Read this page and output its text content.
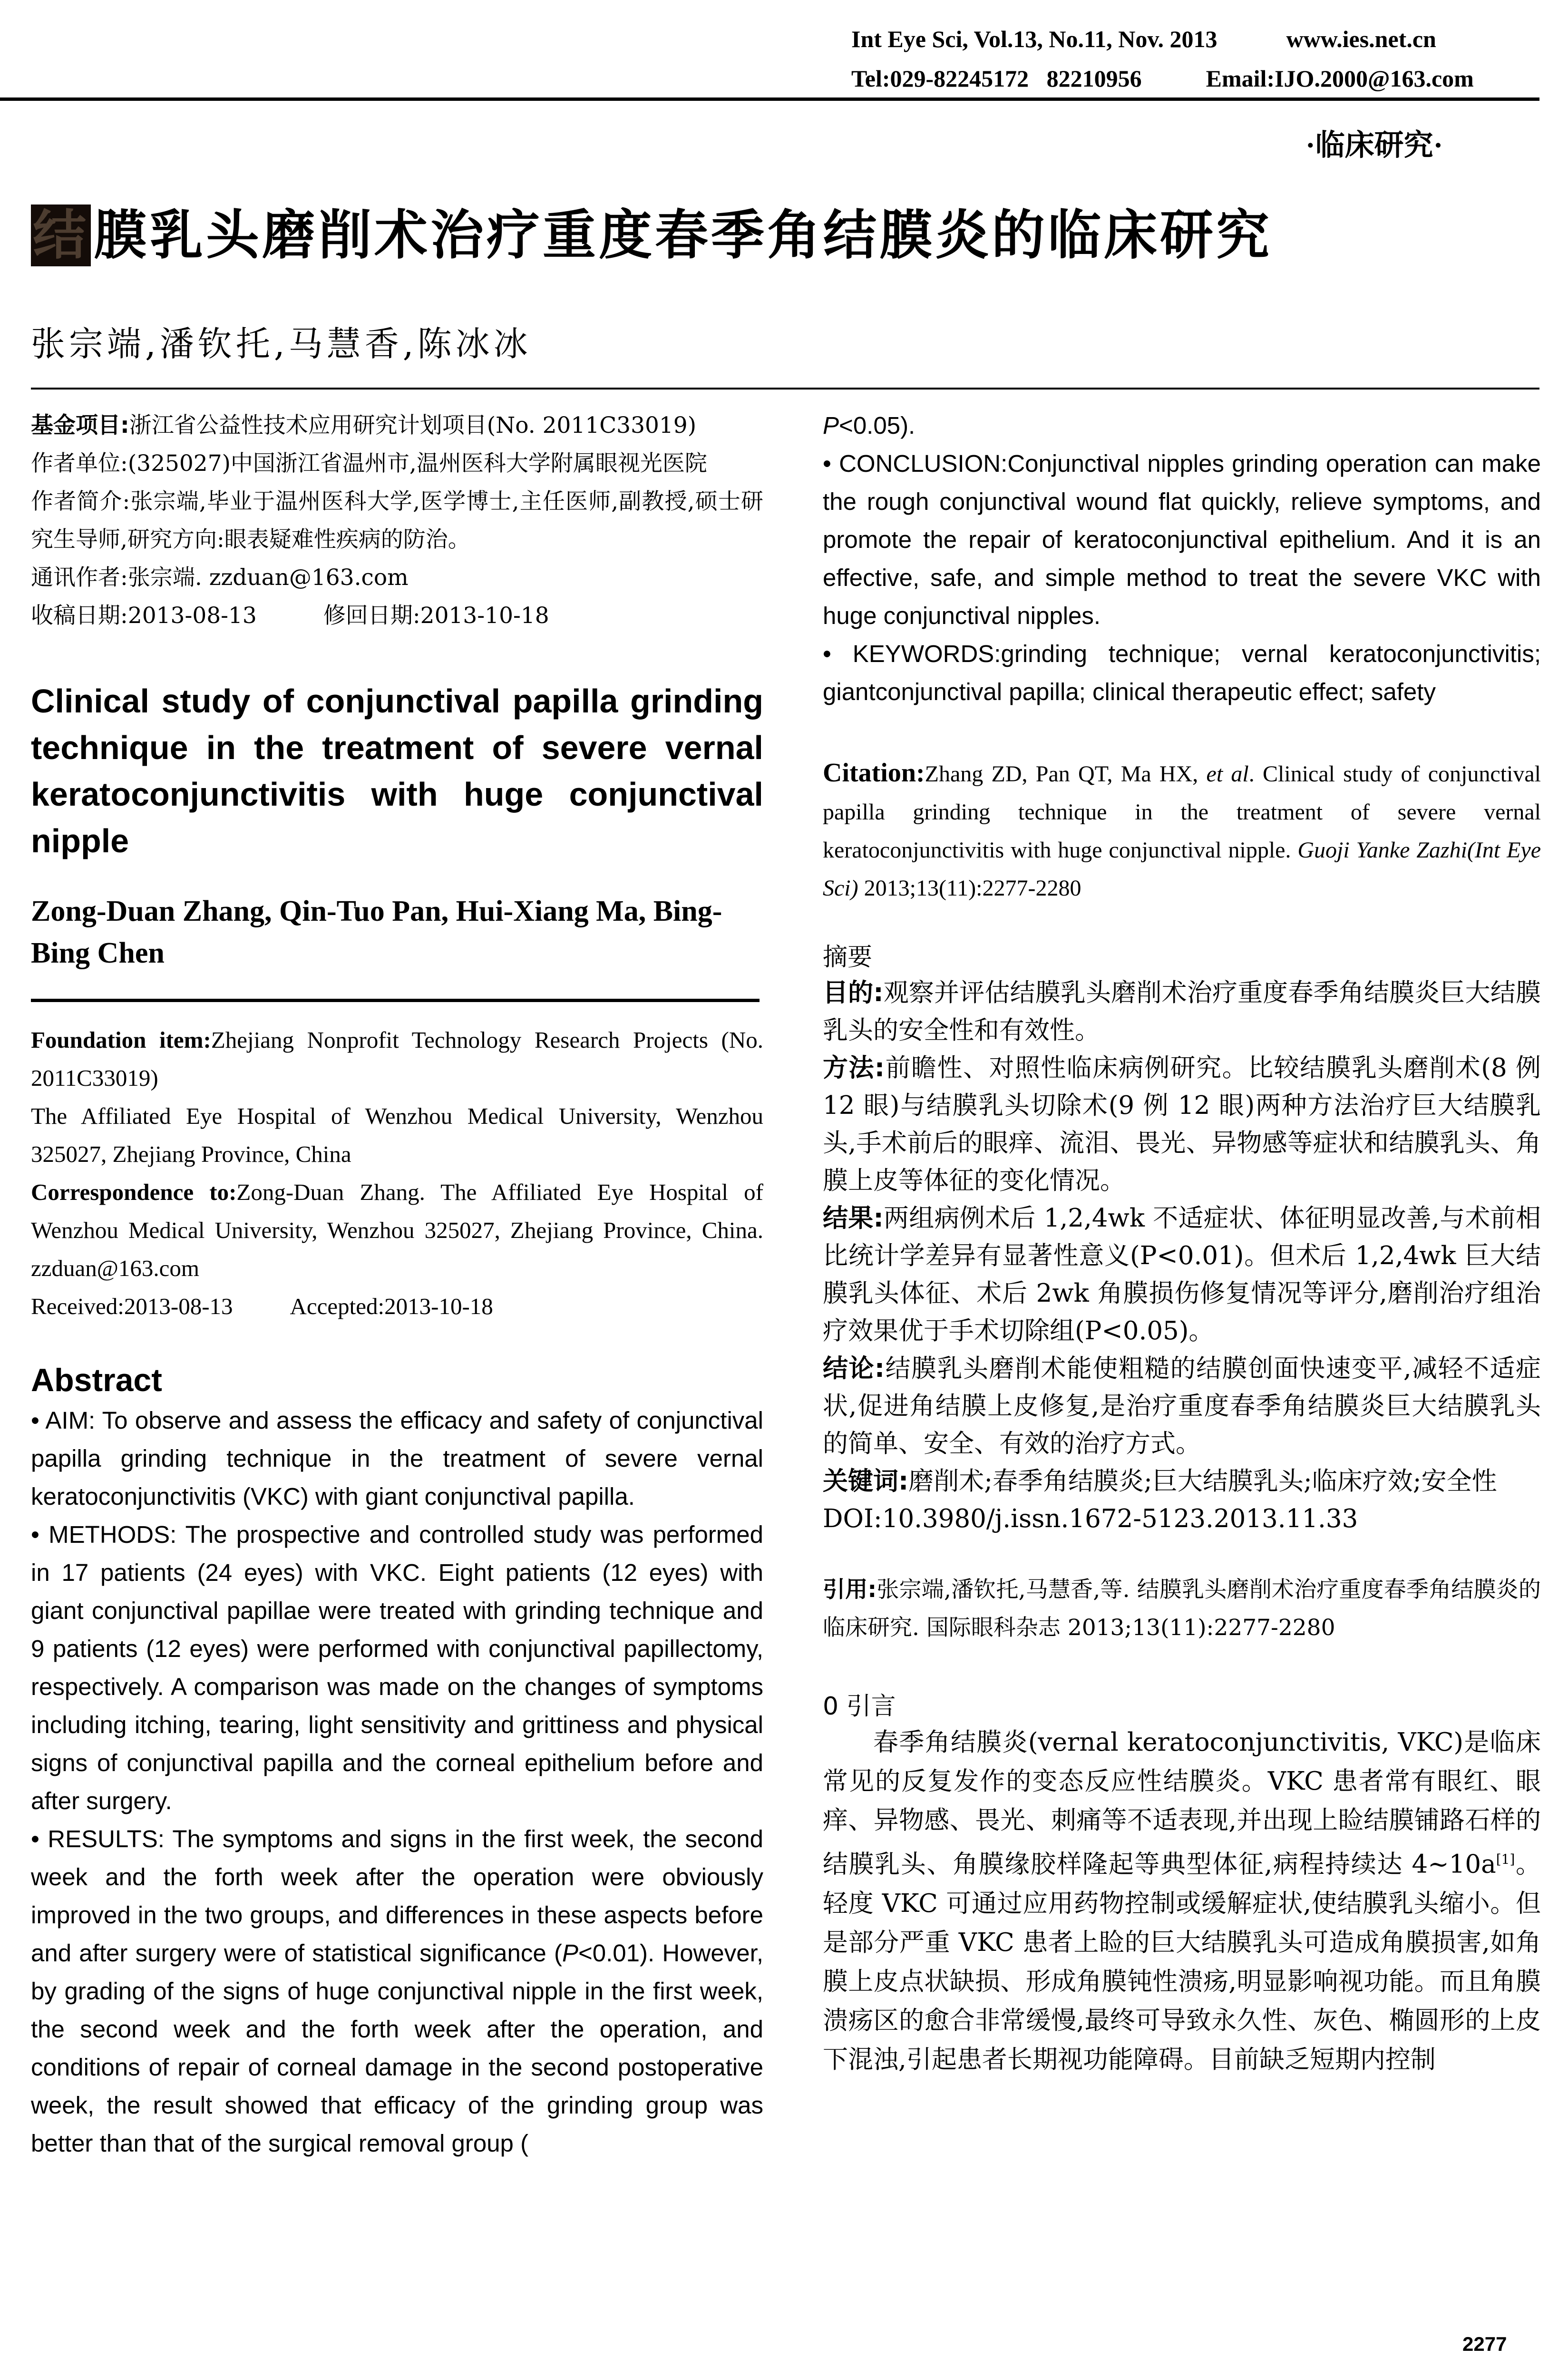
Int Eye Sci, Vol.13, No.11, Nov. 2013	www.ies.net.cn
Tel:029-82245172   82210956	Email:IJO.2000@163.com
·临床研究·
结膜乳头磨削术治疗重度春季角结膜炎的临床研究
张宗端,潘钦托,马慧香,陈冰冰

基金项目:浙江省公益性技术应用研究计划项目(No. 2011C33019)

作者单位:(325027)中国浙江省温州市,温州医科大学附属眼视光医院

作者简介:张宗端,毕业于温州医科大学,医学博士,主任医师,副教授,硕士研究生导师,研究方向:眼表疑难性疾病的防治。

通讯作者:张宗端. zzduan@163.com

收稿日期:2013-08-13	修回日期:2013-10-18

Clinical study of conjunctival papilla grinding technique in the treatment of severe vernal keratoconjunctivitis with huge conjunctival nipple
Zong-Duan Zhang, Qin-Tuo Pan, Hui-Xiang Ma, Bing-Bing Chen

Foundation item:Zhejiang Nonprofit Technology Research Projects (No. 2011C33019)

The Affiliated Eye Hospital of Wenzhou Medical University, Wenzhou 325027, Zhejiang Province, China

Correspondence to:Zong-Duan Zhang. The Affiliated Eye Hospital of Wenzhou Medical University, Wenzhou 325027, Zhejiang Province, China. zzduan@163.com

Received:2013-08-13 Accepted:2013-10-18

Abstract

• AIM: To observe and assess the efficacy and safety of conjunctival papilla grinding technique in the treatment of severe vernal keratoconjunctivitis (VKC) with giant conjunctival papilla.

• METHODS: The prospective and controlled study was performed in 17 patients (24 eyes) with VKC. Eight patients (12 eyes) with giant conjunctival papillae were treated with grinding technique and 9 patients (12 eyes) were performed with conjunctival papillectomy, respectively. A comparison was made on the changes of symptoms including itching, tearing, light sensitivity and grittiness and physical signs of conjunctival papilla and the corneal epithelium before and after surgery.

• RESULTS: The symptoms and signs in the first week, the second week and the forth week after the operation were obviously improved in the two groups, and differences in these aspects before and after surgery were of statistical significance (P<0.01). However, by grading of the signs of huge conjunctival nipple in the first week, the second week and the forth week after the operation, and conditions of repair of corneal damage in the second postoperative week, the result showed that efficacy of the grinding group was better than that of the surgical removal group (

P<0.05).

• CONCLUSION:Conjunctival nipples grinding operation can make the rough conjunctival wound flat quickly, relieve symptoms, and promote the repair of keratoconjunctival epithelium. And it is an effective, safe, and simple method to treat the severe VKC with huge conjunctival nipples.

• KEYWORDS:grinding technique; vernal keratoconjunctivitis; giantconjunctival papilla; clinical therapeutic effect; safety

Citation:Zhang ZD, Pan QT, Ma HX, et al. Clinical study of conjunctival papilla grinding technique in the treatment of severe vernal keratoconjunctivitis with huge conjunctival nipple. Guoji Yanke Zazhi(Int Eye Sci) 2013;13(11):2277-2280
摘要

目的:观察并评估结膜乳头磨削术治疗重度春季角结膜炎巨大结膜乳头的安全性和有效性。

方法:前瞻性、对照性临床病例研究。比较结膜乳头磨削术(8 例 12 眼)与结膜乳头切除术(9 例 12 眼)两种方法治疗巨大结膜乳头,手术前后的眼痒、流泪、畏光、异物感等症状和结膜乳头、角膜上皮等体征的变化情况。

结果:两组病例术后 1,2,4wk 不适症状、体征明显改善,与术前相比统计学差异有显著性意义(P<0.01)。但术后 1,2,4wk 巨大结膜乳头体征、术后 2wk 角膜损伤修复情况等评分,磨削治疗组治疗效果优于手术切除组(P<0.05)。

结论:结膜乳头磨削术能使粗糙的结膜创面快速变平,减轻不适症状,促进角结膜上皮修复,是治疗重度春季角结膜炎巨大结膜乳头的简单、安全、有效的治疗方式。

关键词:磨削术;春季角结膜炎;巨大结膜乳头;临床疗效;安全性

DOI:10.3980/j.issn.1672-5123.2013.11.33

引用:张宗端,潘钦托,马慧香,等. 结膜乳头磨削术治疗重度春季角结膜炎的临床研究. 国际眼科杂志 2013;13(11):2277-2280
0 引言
春季角结膜炎(vernal keratoconjunctivitis, VKC)是临床常见的反复发作的变态反应性结膜炎。VKC 患者常有眼红、眼痒、异物感、畏光、刺痛等不适表现,并出现上睑结膜铺路石样的结膜乳头、角膜缘胶样隆起等典型体征,病程持续达 4~10a[1]。轻度 VKC 可通过应用药物控制或缓解症状,使结膜乳头缩小。但是部分严重 VKC 患者上睑的巨大结膜乳头可造成角膜损害,如角膜上皮点状缺损、形成角膜钝性溃疡,明显影响视功能。而且角膜溃疡区的愈合非常缓慢,最终可导致永久性、灰色、椭圆形的上皮下混浊,引起患者长期视功能障碍。目前缺乏短期内控制
2277
